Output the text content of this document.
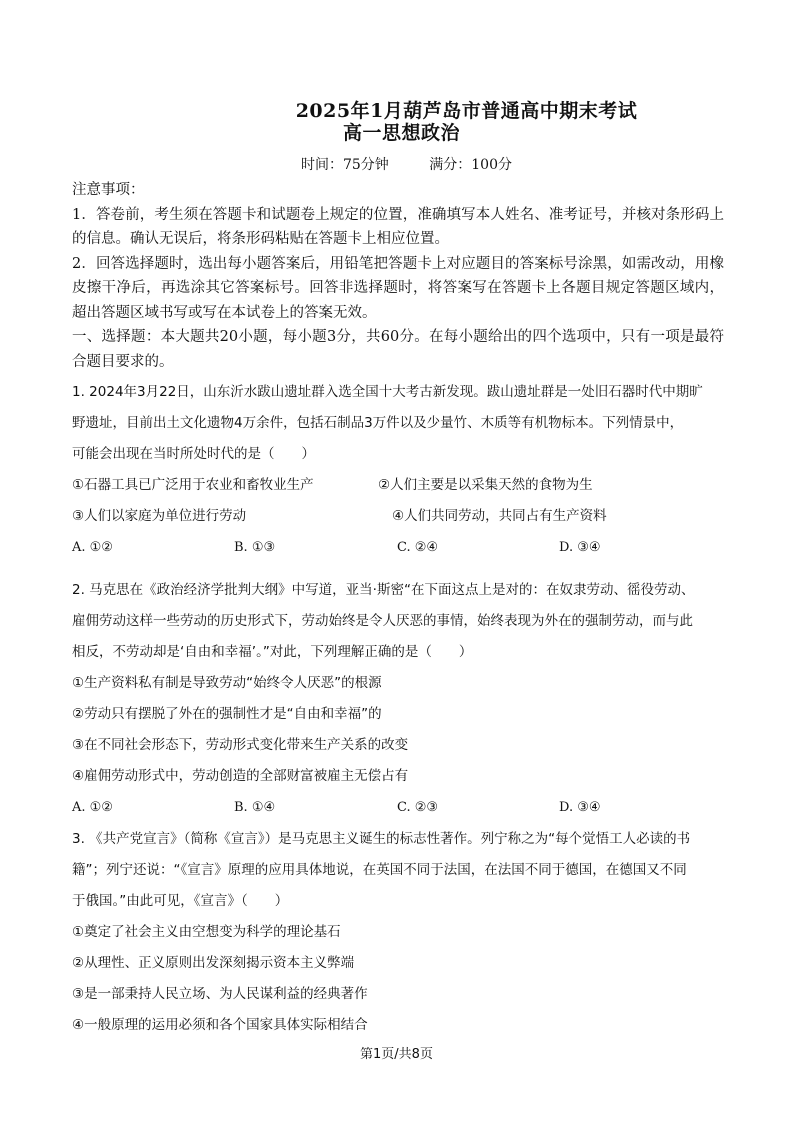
2025年1月葫芦岛市普通高中期末考试
高一思想政治
时间：75分钟	满分：100分

注意事项：

1．答卷前，考生须在答题卡和试题卷上规定的位置，准确填写本人姓名、准考证号，并核对条形码上的信息。确认无误后，将条形码粘贴在答题卡上相应位置。

2．回答选择题时，选出每小题答案后，用铅笔把答题卡上对应题目的答案标号涂黑，如需改动，用橡皮擦干净后，再选涂其它答案标号。回答非选择题时，将答案写在答题卡上各题目规定答题区域内，超出答题区域书写或写在本试卷上的答案无效。

一、选择题：本大题共20小题，每小题3分，共60分。在每小题给出的四个选项中，只有一项是最符合题目要求的。

1. 2024年3月22日，山东沂水跋山遗址群入选全国十大考古新发现。跋山遗址群是一处旧石器时代中期旷

野遗址，目前出土文化遗物4万余件，包括石制品3万件以及少量竹、木质等有机物标本。下列情景中，

可能会出现在当时所处时代的是（　　）

①石器工具已广泛用于农业和畜牧业生产	②人们主要是以采集天然的食物为生
③人们以家庭为单位进行劳动	④人们共同劳动，共同占有生产资料
A. ①②	B. ①③	C. ②④	D. ③④

2. 马克思在《政治经济学批判大纲》中写道，亚当·斯密“在下面这点上是对的：在奴隶劳动、徭役劳动、

雇佣劳动这样一些劳动的历史形式下，劳动始终是令人厌恶的事情，始终表现为外在的强制劳动，而与此

相反，不劳动却是‘自由和幸福’。”对此，下列理解正确的是（　　）

①生产资料私有制是导致劳动“始终令人厌恶”的根源

②劳动只有摆脱了外在的强制性才是“自由和幸福”的

③在不同社会形态下，劳动形式变化带来生产关系的改变

④雇佣劳动形式中，劳动创造的全部财富被雇主无偿占有

A. ①②	B. ①④	C. ②③	D. ③④

3. 《共产党宣言》（简称《宣言》）是马克思主义诞生的标志性著作。列宁称之为“每个觉悟工人必读的书

籍”；列宁还说：“《宣言》原理的应用具体地说，在英国不同于法国，在法国不同于德国，在德国又不同

于俄国。”由此可见，《宣言》（　　）

①奠定了社会主义由空想变为科学的理论基石

②从理性、正义原则出发深刻揭示资本主义弊端

③是一部秉持人民立场、为人民谋利益的经典著作

④一般原理的运用必须和各个国家具体实际相结合

第1页/共8页
